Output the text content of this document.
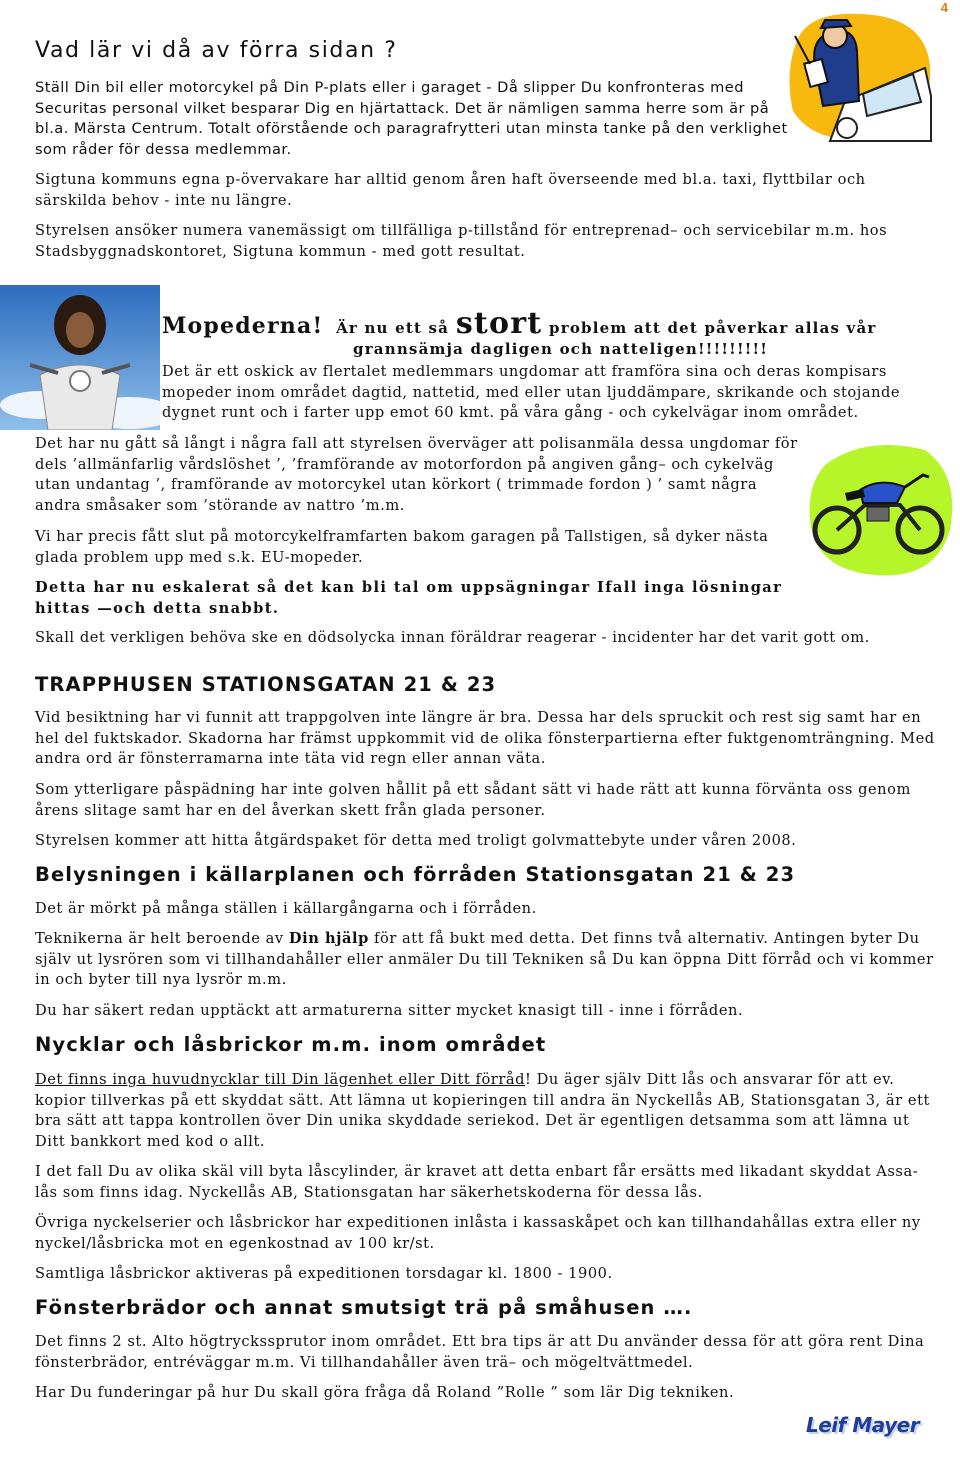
4
Vad lär vi då av förra sidan ?
Ställ Din bil eller motorcykel på Din P-plats eller i garaget - Då slipper Du konfronteras med Securitas personal vilket besparar Dig en hjärtattack. Det är nämligen samma herre som är på bl.a. Märsta Centrum. Totalt oförstående och paragrafrytteri utan minsta tanke på den verklighet som råder för dessa medlemmar.
Sigtuna kommuns egna p-övervakare har alltid genom åren haft överseende med bl.a. taxi, flyttbilar och särskilda behov - inte nu längre.
Styrelsen ansöker numera vanemässigt om tillfälliga p-tillstånd för entreprenad– och servicebilar m.m. hos Stadsbyggnadskontoret, Sigtuna kommun - med gott resultat.
Mopederna! Är nu ett så stort problem att det påverkar allas vår
grannsämja dagligen och natteligen!!!!!!!!!
Det är ett oskick av flertalet medlemmars ungdomar att framföra sina och deras kompisars mopeder inom området dagtid, nattetid, med eller utan ljuddämpare, skrikande och stojande dygnet runt och i farter upp emot 60 kmt. på våra gång - och cykelvägar inom området.
Det har nu gått så långt i några fall att styrelsen överväger att polisanmäla dessa ungdomar för dels ’allmänfarlig vårdslöshet ’, ’framförande av motorfordon på angiven gång– och cykelväg utan undantag ’, framförande av motorcykel utan körkort ( trimmade fordon ) ’ samt några andra småsaker som ’störande av nattro ’m.m.
Vi har precis fått slut på motorcykelframfarten bakom garagen på Tallstigen, så dyker nästa glada problem upp med s.k. EU-mopeder.
Detta har nu eskalerat så det kan bli tal om uppsägningar Ifall inga lösningar hittas —och detta snabbt.
Skall det verkligen behöva ske en dödsolycka innan föräldrar reagerar - incidenter har det varit gott om.
TRAPPHUSEN STATIONSGATAN 21 & 23
Vid besiktning har vi funnit att trappgolven inte längre är bra. Dessa har dels spruckit och rest sig samt har en hel del fuktskador. Skadorna har främst uppkommit vid de olika fönsterpartierna efter fuktgenomträngning. Med andra ord är fönsterramarna inte täta vid regn eller annan väta.
Som ytterligare påspädning har inte golven hållit på ett sådant sätt vi hade rätt att kunna förvänta oss genom årens slitage samt har en del åverkan skett från glada personer.
Styrelsen kommer att hitta åtgärdspaket för detta med troligt golvmattebyte under våren 2008.
Belysningen i källarplanen och förråden Stationsgatan 21 & 23
Det är mörkt på många ställen i källargångarna och i förråden.
Teknikerna är helt beroende av Din hjälp för att få bukt med detta. Det finns två alternativ. Antingen byter Du själv ut lysrören som vi tillhandahåller eller anmäler Du till Tekniken så Du kan öppna Ditt förråd och vi kommer in och byter till nya lysrör m.m.
Du har säkert redan upptäckt att armaturerna sitter mycket knasigt till - inne i förråden.
Nycklar och låsbrickor m.m. inom området
Det finns inga huvudnycklar till Din lägenhet eller Ditt förråd! Du äger själv Ditt lås och ansvarar för att ev. kopior tillverkas på ett skyddat sätt. Att lämna ut kopieringen till andra än Nyckellås AB, Stationsgatan 3, är ett bra sätt att tappa kontrollen över Din unika skyddade seriekod. Det är egentligen detsamma som att lämna ut Ditt bankkort med kod o allt.
I det fall Du av olika skäl vill byta låscylinder, är kravet att detta enbart får ersätts med likadant skyddat Assa-lås som finns idag. Nyckellås AB, Stationsgatan har säkerhetskoderna för dessa lås.
Övriga nyckelserier och låsbrickor har expeditionen inlåsta i kassaskåpet och kan tillhandahållas extra eller ny nyckel/låsbricka mot en egenkostnad av 100 kr/st.
Samtliga låsbrickor aktiveras på expeditionen torsdagar kl. 1800 - 1900.
Fönsterbrädor och annat smutsigt trä på småhusen ….
Det finns 2 st. Alto högtryckssprutor inom området. Ett bra tips är att Du använder dessa för att göra rent Dina fönsterbrädor, entréväggar m.m. Vi tillhandahåller även trä– och mögeltvättmedel.
Har Du funderingar på hur Du skall göra fråga då Roland ”Rolle ” som lär Dig tekniken.
Leif Mayer
